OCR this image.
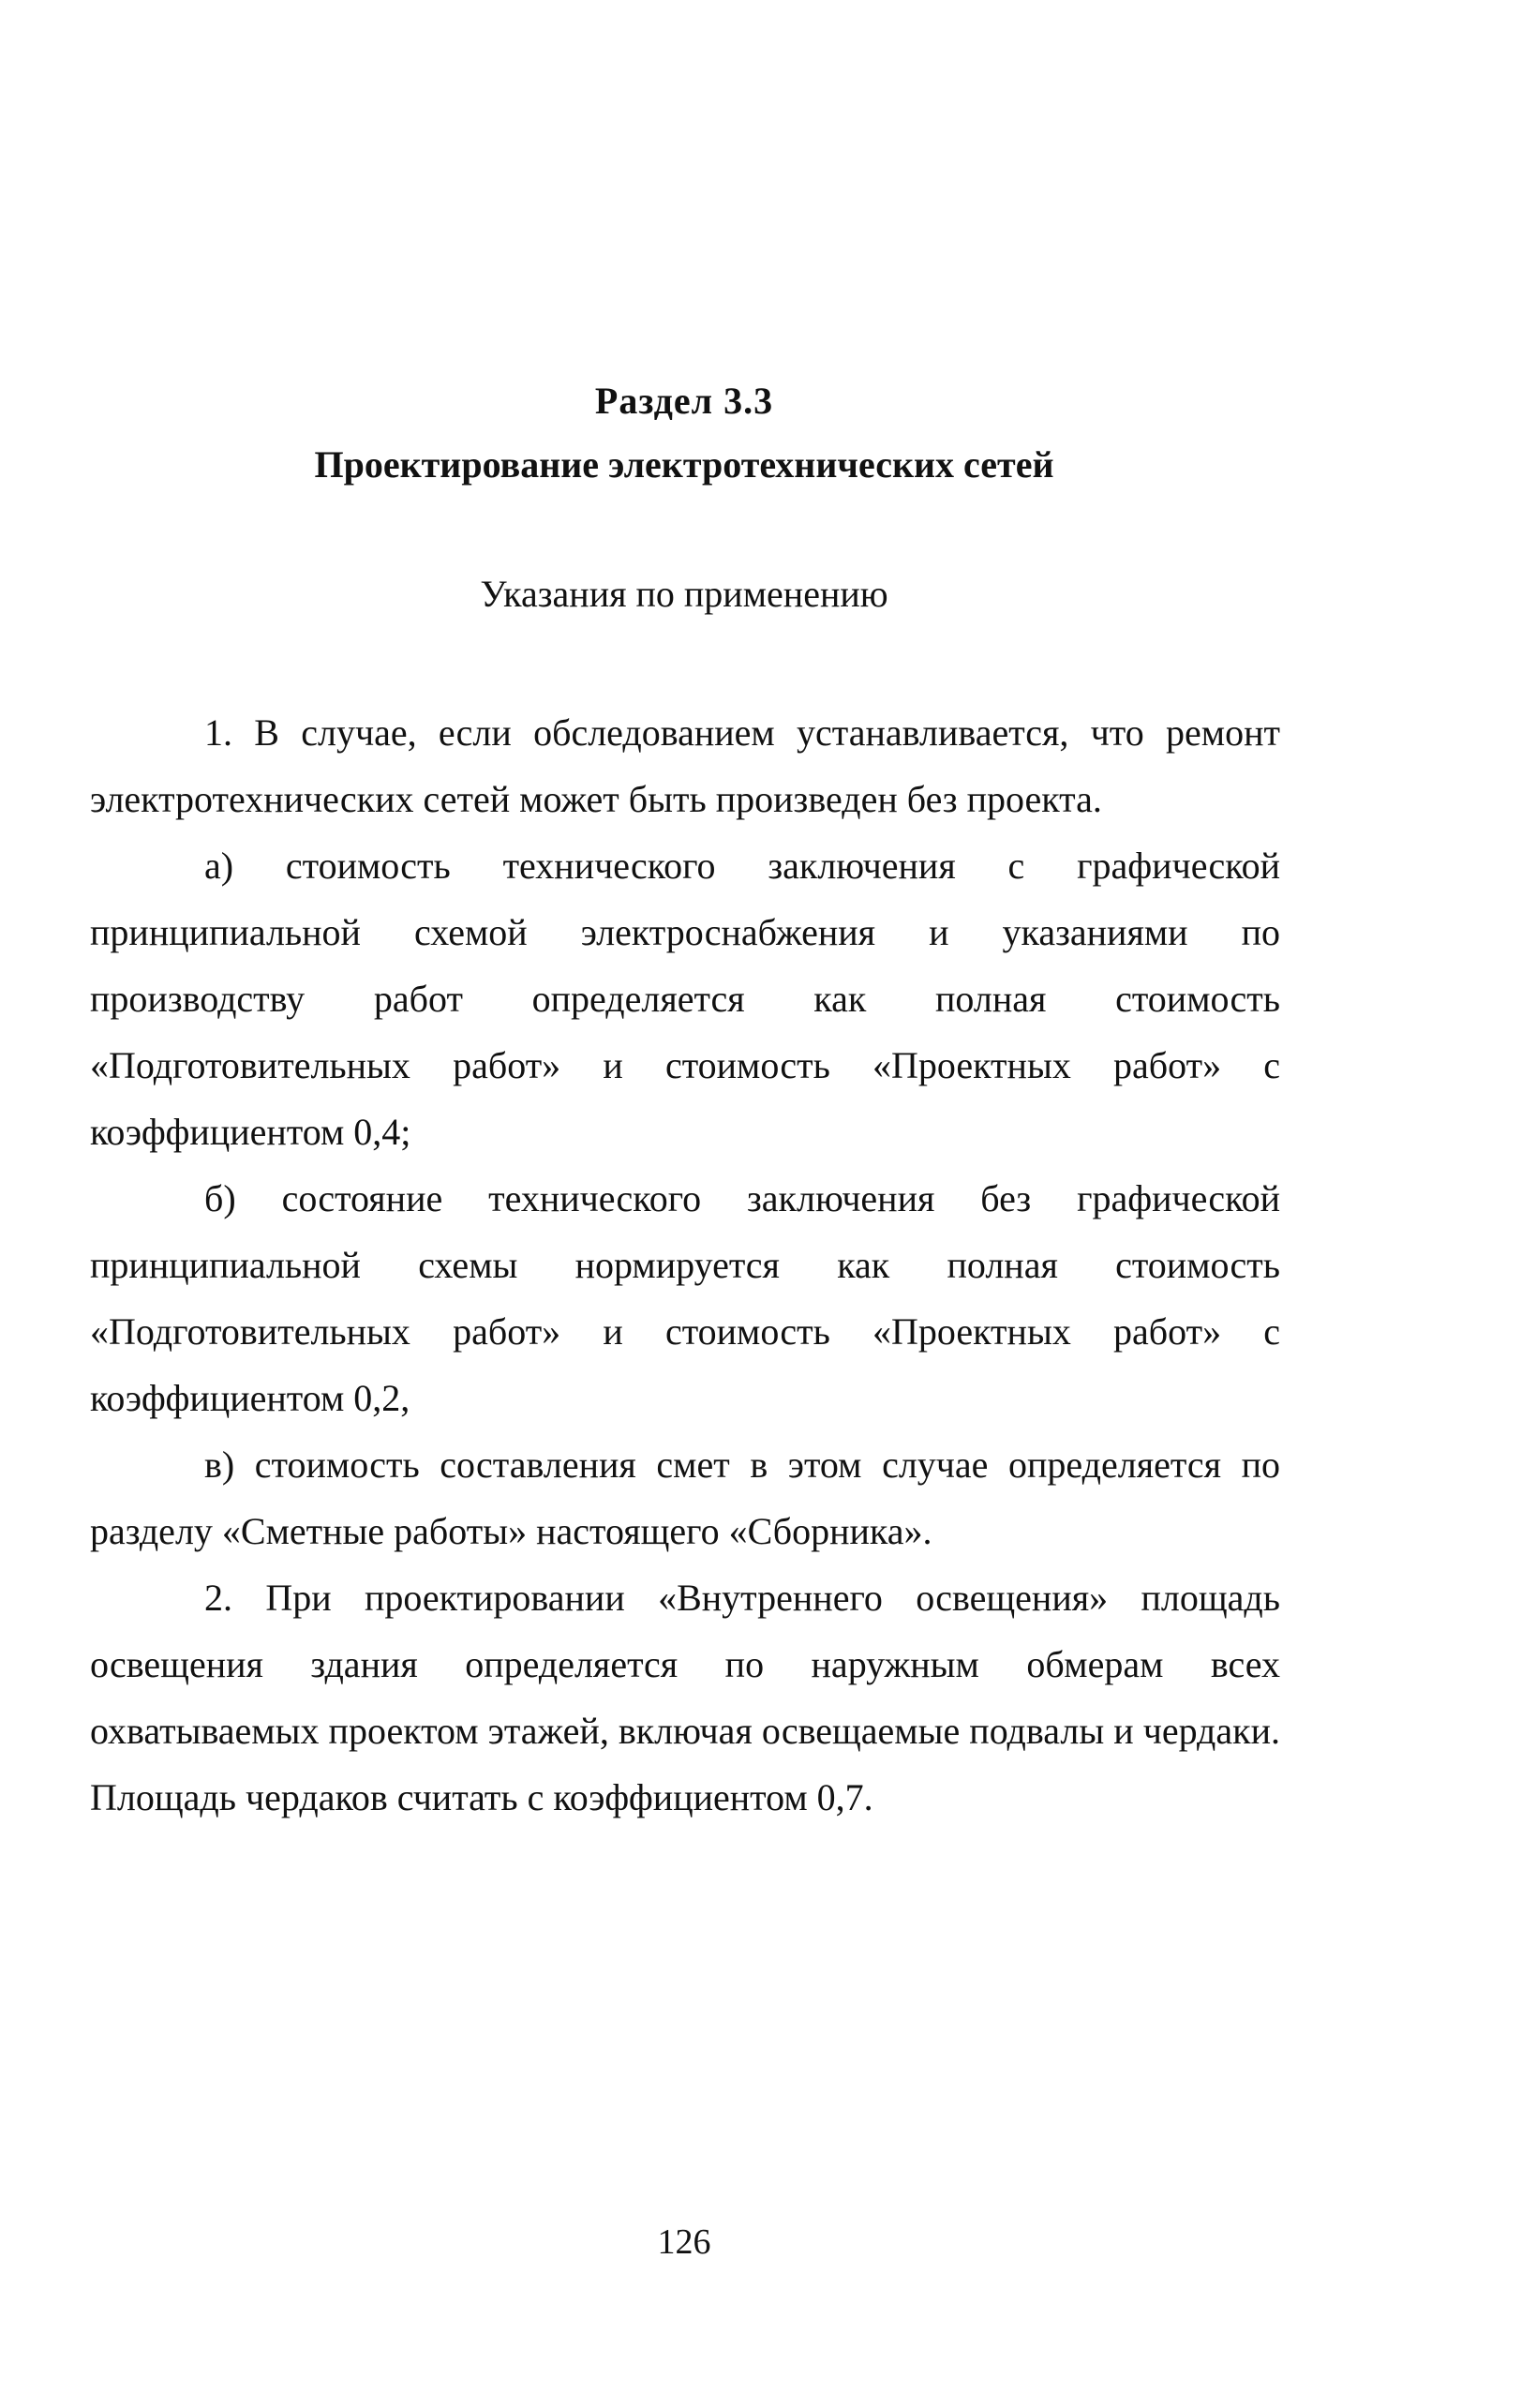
Раздел 3.3
Проектирование электротехнических сетей
Указания по применению

1. В случае, если обследованием устанавливается, что ремонт электротехнических сетей может быть произведен без проекта.

а) стоимость технического заключения с графической принципиальной схемой электроснабжения и указаниями по производству работ определяется как полная стоимость «Подготовительных работ» и стоимость «Проектных работ» с коэффициентом 0,4;

б) состояние технического заключения без графической принципиальной схемы нормируется как полная стоимость «Подготовительных работ» и стоимость «Проектных работ» с коэффициентом 0,2,

в) стоимость составления смет в этом случае определяется по разделу «Сметные работы» настоящего «Сборника».

2. При проектировании «Внутреннего освещения» площадь освещения здания определяется по наружным обмерам всех охватываемых проектом этажей, включая освещаемые подвалы и чердаки. Площадь чердаков считать с коэффициентом 0,7.

126
